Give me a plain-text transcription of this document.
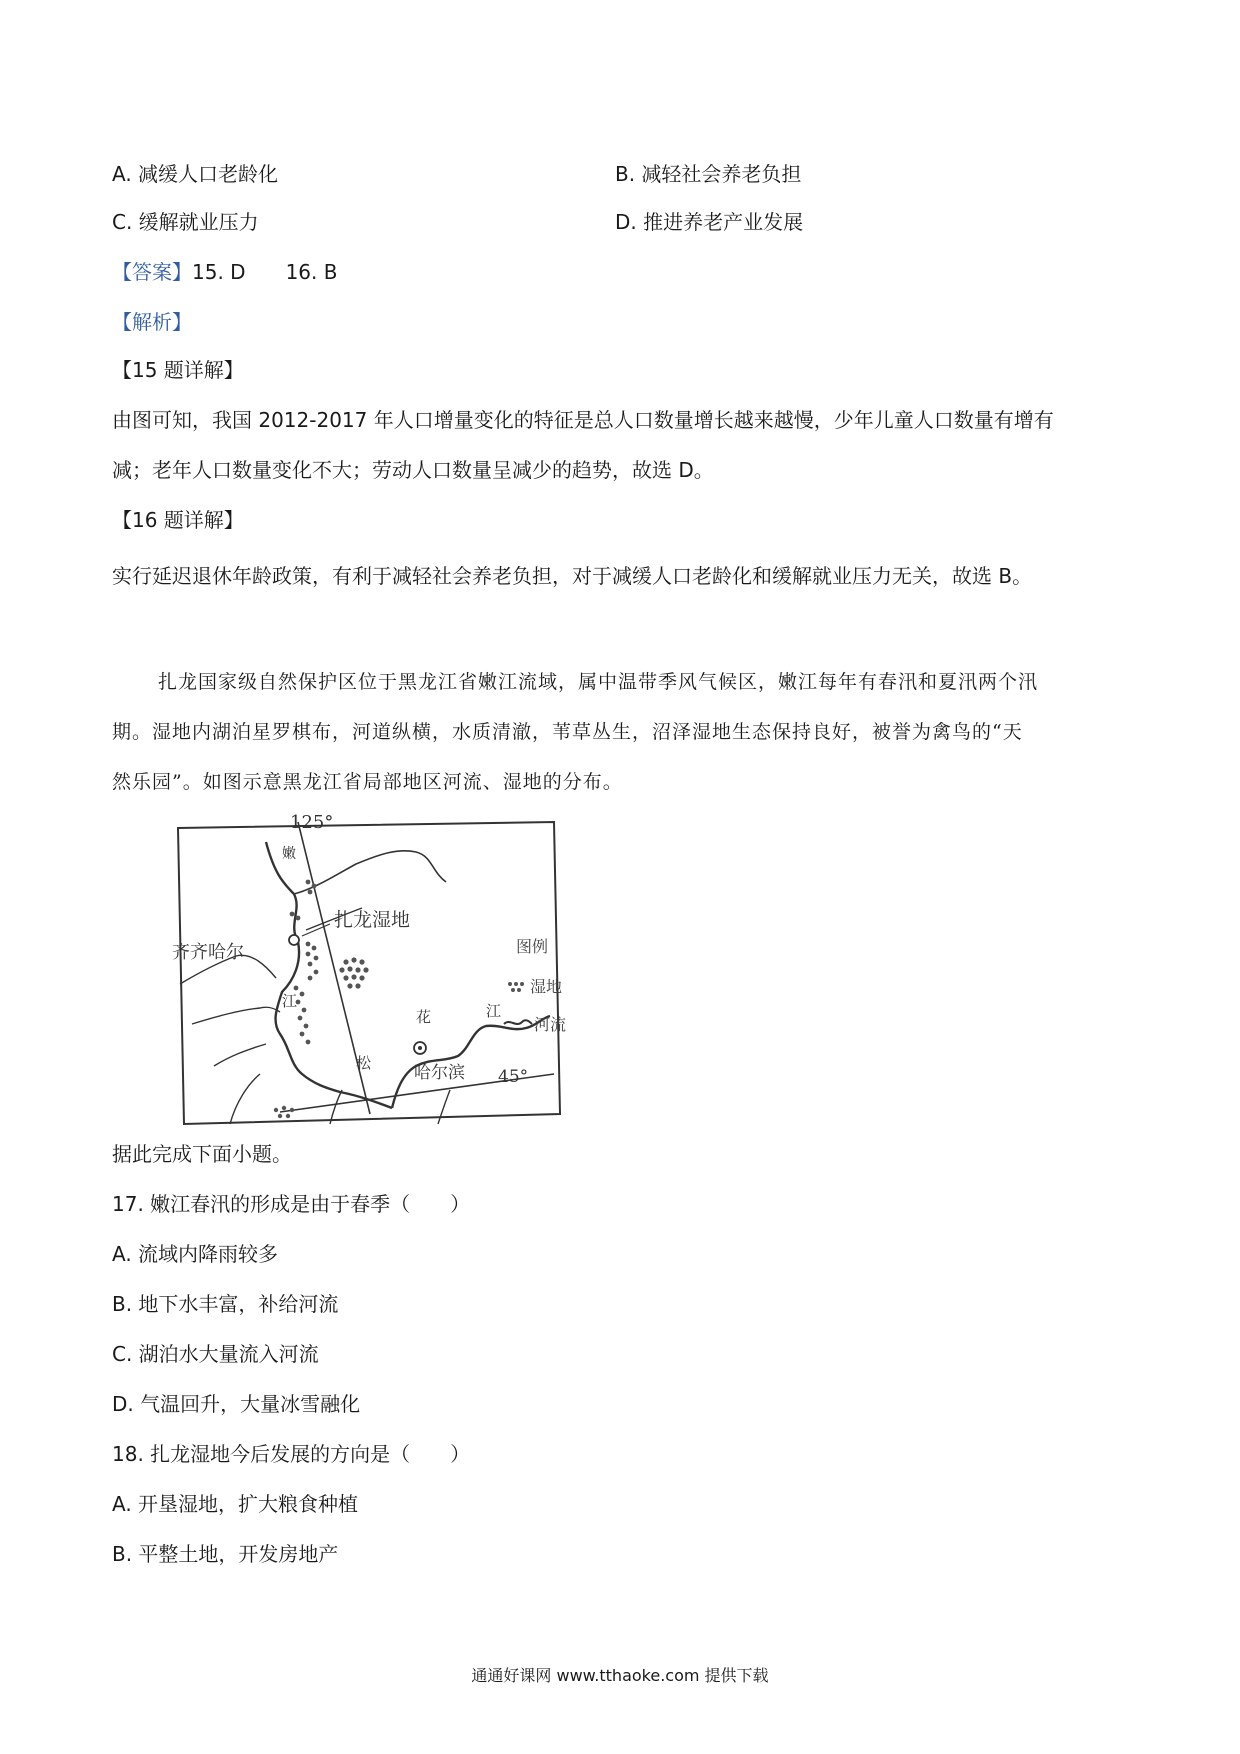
A. 减缓人口老龄化	B. 减轻社会养老负担
C. 缓解就业压力	D. 推进养老产业发展
【答案】15. D　　16. B
【解析】
【15 题详解】
由图可知，我国 2012-2017 年人口增量变化的特征是总人口数量增长越来越慢，少年儿童人口数量有增有
减；老年人口数量变化不大；劳动人口数量呈减少的趋势，故选 D。
【16 题详解】
实行延迟退休年龄政策，有利于减轻社会养老负担，对于减缓人口老龄化和缓解就业压力无关，故选 B。
扎龙国家级自然保护区位于黑龙江省嫩江流域，属中温带季风气候区，嫩江每年有春汛和夏汛两个汛
期。湿地内湖泊星罗棋布，河道纵横，水质清澈，苇草丛生，沼泽湿地生态保持良好，被誉为禽鸟的“天
然乐园”。如图示意黑龙江省局部地区河流、湿地的分布。
125°
45°
嫩
齐齐哈尔
扎龙湿地
江
花	江
松	哈尔滨
图例
湿地
河流
据此完成下面小题。
17. 嫩江春汛的形成是由于春季（　　）
A. 流域内降雨较多
B. 地下水丰富，补给河流
C. 湖泊水大量流入河流
D. 气温回升，大量冰雪融化
18. 扎龙湿地今后发展的方向是（　　）
A. 开垦湿地，扩大粮食种植
B. 平整土地，开发房地产
通通好课网 www.tthaoke.com 提供下载
